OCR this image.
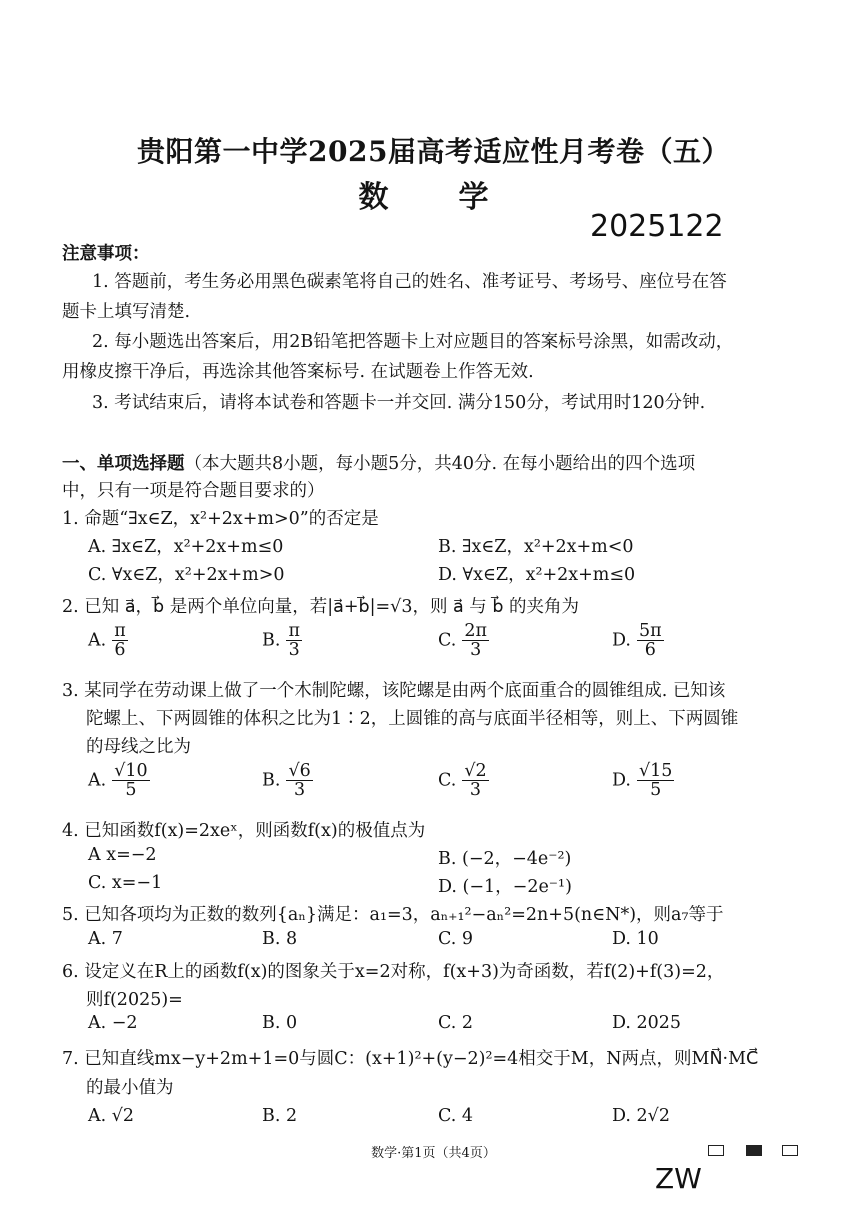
贵阳第一中学2025届高考适应性月考卷（五）
数　学
2025122
注意事项：
1. 答题前，考生务必用黑色碳素笔将自己的姓名、准考证号、考场号、座位号在答
题卡上填写清楚.
2. 每小题选出答案后，用2B铅笔把答题卡上对应题目的答案标号涂黑，如需改动，
用橡皮擦干净后，再选涂其他答案标号. 在试题卷上作答无效.
3. 考试结束后，请将本试卷和答题卡一并交回. 满分150分，考试用时120分钟.
一、单项选择题（本大题共8小题，每小题5分，共40分. 在每小题给出的四个选项
中，只有一项是符合题目要求的）
1. 命题“∃x∈Z，x²+2x+m>0”的否定是
A. ∃x∈Z，x²+2x+m≤0	B. ∃x∈Z，x²+2x+m<0
C. ∀x∈Z，x²+2x+m>0	D. ∀x∈Z，x²+2x+m≤0
2. 已知 a⃗，b⃗ 是两个单位向量，若|a⃗+b⃗|=√3，则 a⃗ 与 b⃗ 的夹角为
A. $\frac{\pi}{6}$	B. $\frac{\pi}{3}$	C. $\frac{2\pi}{3}$	D. $\frac{5\pi}{6}$
3. 某同学在劳动课上做了一个木制陀螺，该陀螺是由两个底面重合的圆锥组成. 已知该
陀螺上、下两圆锥的体积之比为1∶2，上圆锥的高与底面半径相等，则上、下两圆锥
的母线之比为
A. $\frac{√10}{5}$	B. $\frac{√6}{3}$	C. $\frac{√2}{3}$	D. $\frac{√15}{5}$
4. 已知函数f(x)=2xeˣ，则函数f(x)的极值点为
A x=−2	B. (−2，−4e⁻²)
C. x=−1	D. (−1，−2e⁻¹)
5. 已知各项均为正数的数列{aₙ}满足：a₁=3，aₙ₊₁²−aₙ²=2n+5(n∈N*)，则a₇等于
A. 7	B. 8	C. 9	D. 10
6. 设定义在R上的函数f(x)的图象关于x=2对称，f(x+3)为奇函数，若f(2)+f(3)=2，
则f(2025)=
A. −2	B. 0	C. 2	D. 2025
7. 已知直线mx−y+2m+1=0与圆C：(x+1)²+(y−2)²=4相交于M，N两点，则MN⃗·MC⃗
的最小值为
A. √2	B. 2	C. 4	D. 2√2
数学·第1页（共4页）
ZW
